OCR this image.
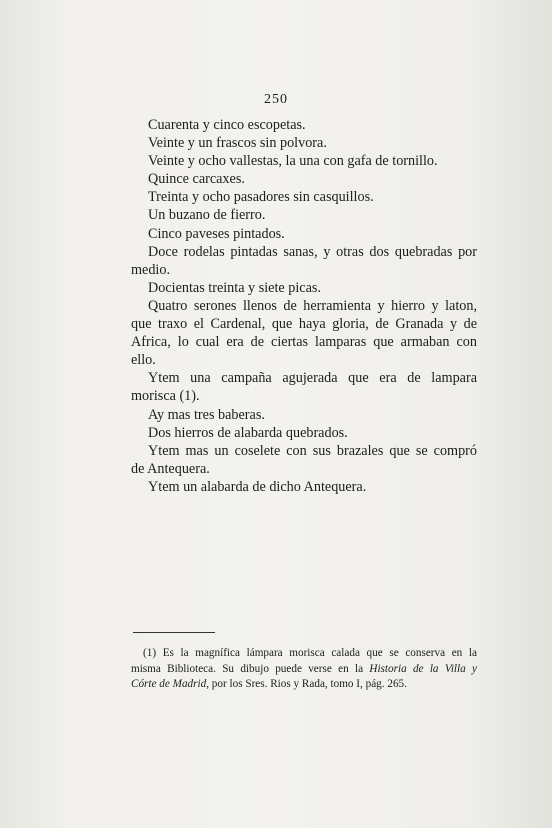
250
Cuarenta y cinco escopetas.
Veinte y un frascos sin polvora.
Veinte y ocho vallestas, la una con gafa de tornillo.
Quince carcaxes.
Treinta y ocho pasadores sin casquillos.
Un buzano de fierro.
Cinco paveses pintados.
Doce rodelas pintadas sanas, y otras dos quebradas por
medio.
Docientas treinta y siete picas.
Quatro serones llenos de herramienta y hierro y laton,
que traxo el Cardenal, que haya gloria, de Granada y de
Africa, lo cual era de ciertas lamparas que armaban con
ello.
Ytem una campaña agujerada que era de lampara
morisca (1).
Ay mas tres baberas.
Dos hierros de alabarda quebrados.
Ytem mas un coselete con sus brazales que se compró
de Antequera.
Ytem un alabarda de dicho Antequera.
(1) Es la magnífica lámpara morisca calada que se conserva en la
misma Biblioteca. Su dibujo puede verse en la Historia de la Villa y
Córte de Madrid, por los Sres. Rios y Rada, tomo I, pág. 265.
